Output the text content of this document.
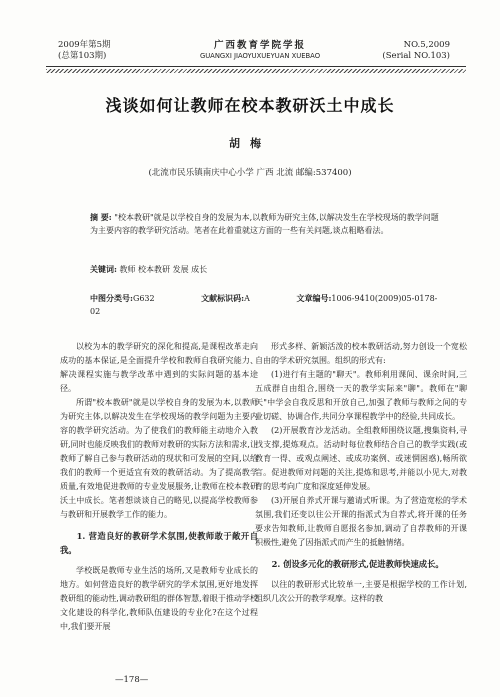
2009年第5期
(总第103期)
广西教育学院学报
GUANGXI JIAOYUXUEYUAN XUEBAO
NO.5,2009
(Serial NO.103)
浅谈如何让教师在校本教研沃土中成长
胡梅
(北流市民乐镇南庆中心小学 广西 北流 邮编:537400)
摘 要: "校本教研"就是以学校自身的发展为本,以教师为研究主体,以解决发生在学校现场的教学问题为主要内容的教学研究活动。笔者在此着重就这方面的一些有关问题,谈点粗略看法。
关键词: 教师 校本教研 发展 成长
中图分类号:G632	文献标识码:A	文章编号:1006-9410(2009)05-0178-02

以校为本的教学研究的深化和提高,是课程改革走向成功的基本保证,是全面提升学校和教师自我研究能力、解决课程实施与教学改革中遇到的实际问题的基本途径。

所谓"校本教研"就是以学校自身的发展为本,以教师为研究主体,以解决发生在学校现场的教学问题为主要内容的教学研究活动。为了使我们的教师能主动地介入教研,同时也能反映我们的教师对教研的实际方法和需求,让教师了解自己参与教研活动的现状和可发展的空间,以给我们的教师一个更适宜有效的教研活动。为了提高教学质量,有效地促进教师的专业发展服务,让教师在校本教研沃土中成长。笔者想谈谈自己的略见,以提高学校教师参与教研和开展教学工作的能力。

1. 营造良好的教研学术氛围,使教师敢于敞开自我。

学校既是教师专业生活的场所,又是教师专业成长的地方。如何营造良好的教学研究的学术氛围,更好地发挥教研组的能动性,调动教研组的群体智慧,着眼于推动学校文化建设的科学化,教师队伍建设的专业化?在这个过程中,我们要开展

形式多样、新颖活泼的校本教研活动,努力创设一个宽松自由的学术研究氛围。组织的形式有:

(1)进行有主题的"聊天"。教师利用课间、课余时间,三五成群自由组合,围绕一天的教学实际来"聊"。教师在"聊天"中学会自我反思和开放自己,加强了教师与教师之间的专业切磋、协调合作,共同分享课程教学中的经验,共同成长。

(2)开展教育沙龙活动。全组教师围绕议题,搜集资料,寻找支撑,提炼观点。活动时每位教师结合自己的教学实践(或教育一得、或观点阐述、或成功案例、或迷惘困惑),畅所欲言。促进教师对问题的关注,提炼和思考,并能以小见大,对教育的思考向广度和深度延伸发展。

(3)开展自养式开课与邀请式听课。为了营造宽松的学术氛围,我们还变以往公开课的指派式为自荐式,将开课的任务要求告知教师,让教师自愿报名参加,调动了自荐教师的开课积极性,避免了因指派式而产生的抵触情绪。

2. 创设多元化的教研形式,促进教师快速成长。

以往的教研形式比较单一,主要是根据学校的工作计划,组织几次公开的教学观摩。这样的教

—178—
